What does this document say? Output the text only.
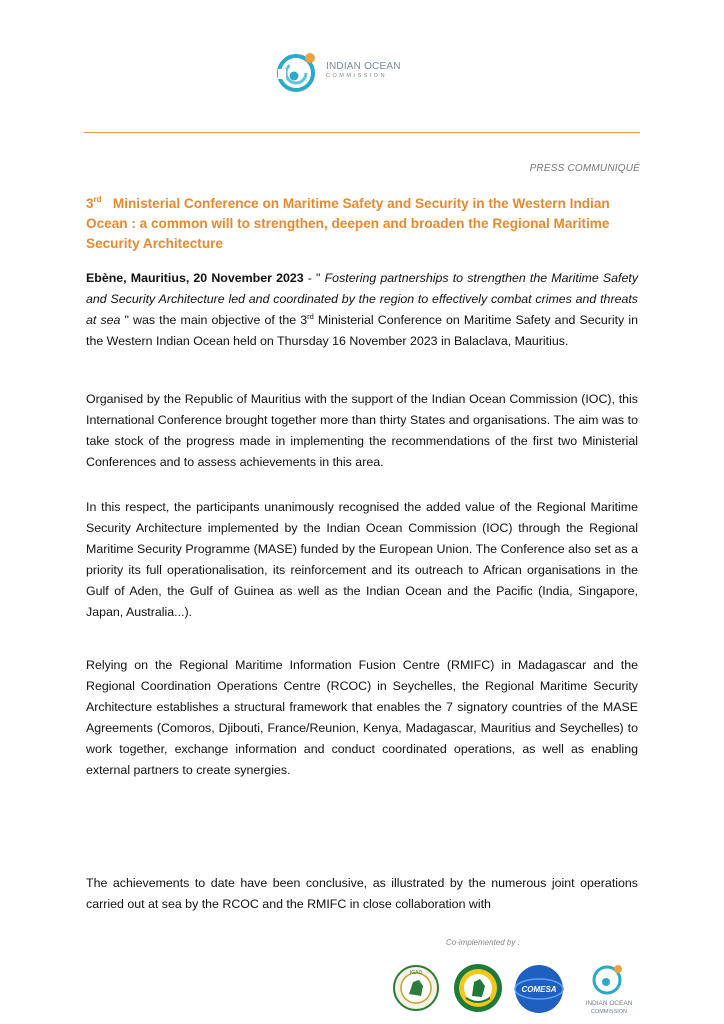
INDIAN OCEAN
COMMISSION
PRESS COMMUNIQUÉ
3rd Ministerial Conference on Maritime Safety and Security in the Western Indian Ocean : a common will to strengthen, deepen and broaden the Regional Maritime Security Architecture
Ebène, Mauritius, 20 November 2023 - " Fostering partnerships to strengthen the Maritime Safety and Security Architecture led and coordinated by the region to effectively combat crimes and threats at sea " was the main objective of the 3rd Ministerial Conference on Maritime Safety and Security in the Western Indian Ocean held on Thursday 16 November 2023 in Balaclava, Mauritius.
Organised by the Republic of Mauritius with the support of the Indian Ocean Commission (IOC), this International Conference brought together more than thirty States and organisations. The aim was to take stock of the progress made in implementing the recommendations of the first two Ministerial Conferences and to assess achievements in this area.
In this respect, the participants unanimously recognised the added value of the Regional Maritime Security Architecture implemented by the Indian Ocean Commission (IOC) through the Regional Maritime Security Programme (MASE) funded by the European Union. The Conference also set as a priority its full operationalisation, its reinforcement and its outreach to African organisations in the Gulf of Aden, the Gulf of Guinea as well as the Indian Ocean and the Pacific (India, Singapore, Japan, Australia...).
Relying on the Regional Maritime Information Fusion Centre (RMIFC) in Madagascar and the Regional Coordination Operations Centre (RCOC) in Seychelles, the Regional Maritime Security Architecture establishes a structural framework that enables the 7 signatory countries of the MASE Agreements (Comoros, Djibouti, France/Reunion, Kenya, Madagascar, Mauritius and Seychelles) to work together, exchange information and conduct coordinated operations, as well as enabling external partners to create synergies.
The achievements to date have been conclusive, as illustrated by the numerous joint operations carried out at sea by the RCOC and the RMIFC in close collaboration with
Co-implemented by :
IGAD
COMESA
INDIAN OCEAN
COMMISSION
